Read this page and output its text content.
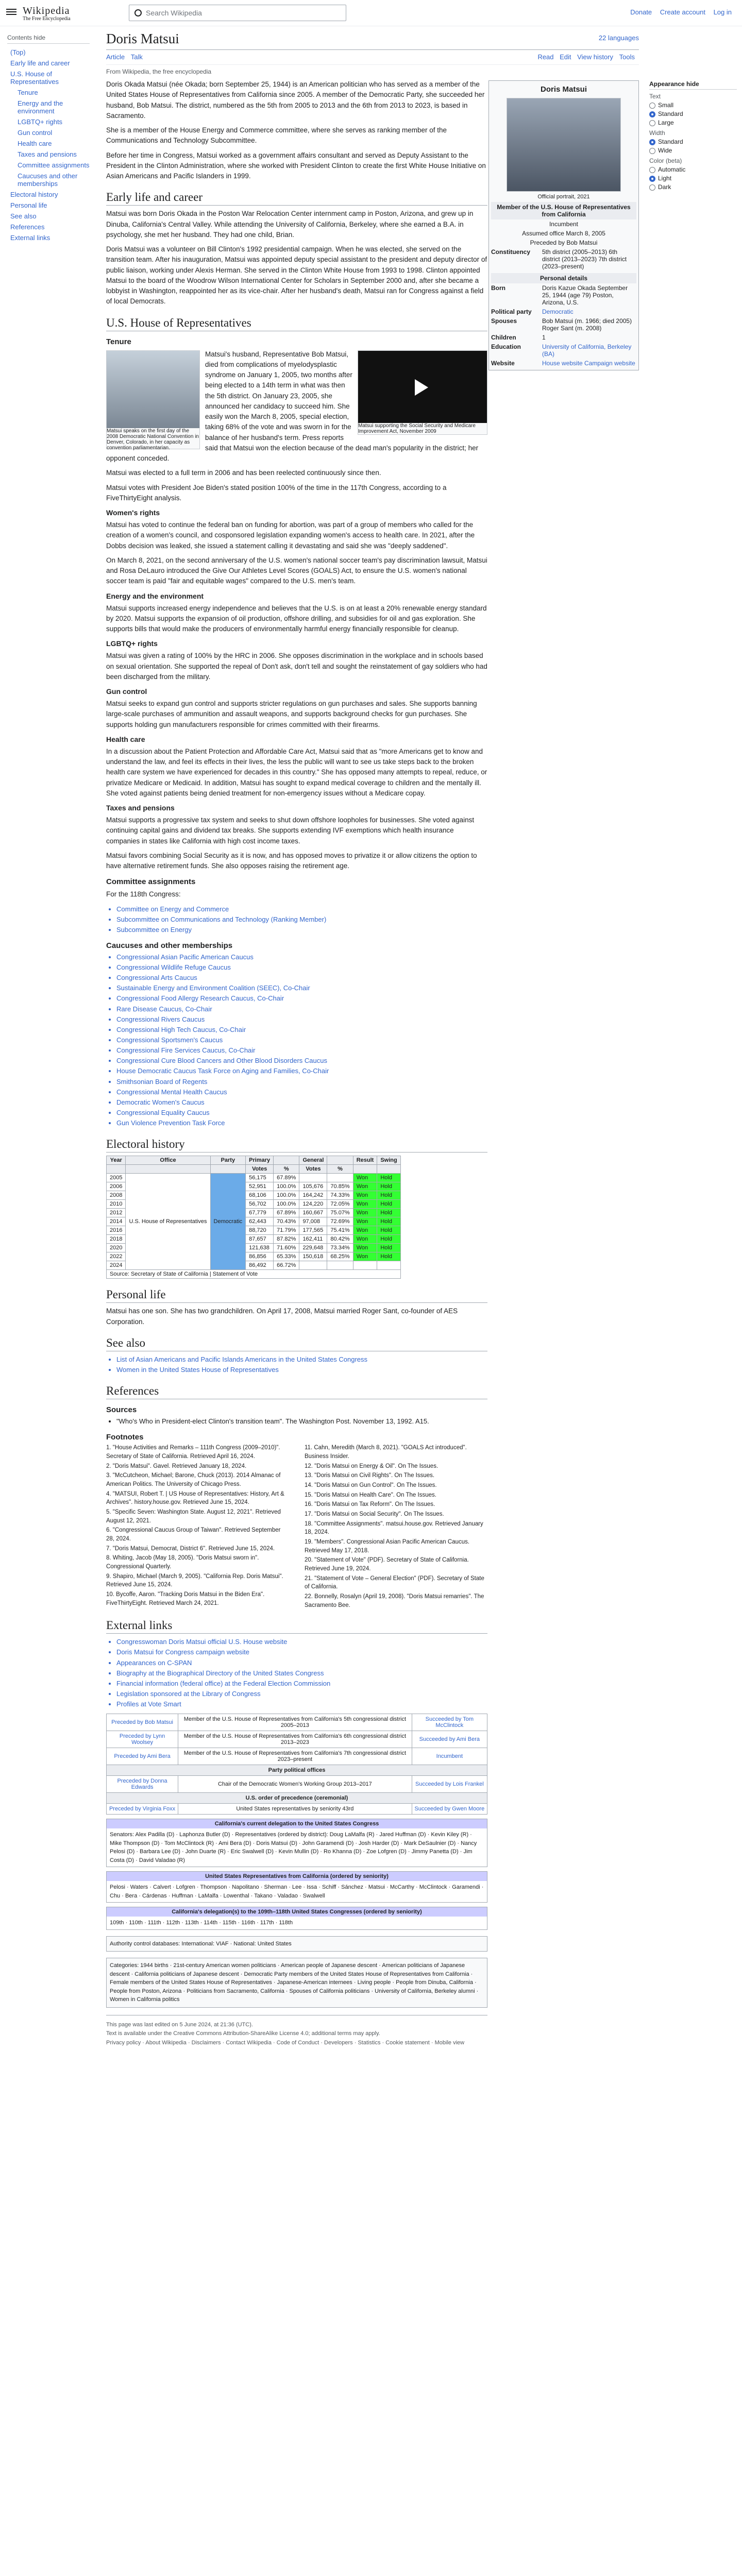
Wikipedia
The Free Encyclopedia
Search Wikipedia	Donate Create account Log in
Contents hide
(Top)
Early life and career
U.S. House of Representatives
Tenure
Energy and the environment
LGBTQ+ rights
Gun control
Health care
Taxes and pensions
Committee assignments
Caucuses and other memberships
Electoral history
Personal life
See also
References
External links
Doris Matsui	22 languages
Article Talk	Read Edit View history Tools
Doris Matsui
Official portrait, 2021
Member of the U.S. House of Representatives from California
Incumbent
Assumed office March 8, 2005
Preceded by Bob Matsui
Constituency	5th district (2005–2013) 6th district (2013–2023) 7th district (2023–present)
Personal details
Born	Doris Kazue Okada September 25, 1944 (age 79) Poston, Arizona, U.S.
Political party	Democratic
Spouses	Bob Matsui (m. 1966; died 2005) Roger Sant (m. 2008)
Children	1
Education	University of California, Berkeley (BA)
Website	House website Campaign website
Appearance hide
Text
Small
Standard
Large
Width
Standard
Wide
Color (beta)
Automatic
Light
Dark
From Wikipedia, the free encyclopedia

Doris Okada Matsui (née Okada; born September 25, 1944) is an American politician who has served as a member of the United States House of Representatives from California since 2005. A member of the Democratic Party, she succeeded her husband, Bob Matsui. The district, numbered as the 5th from 2005 to 2013 and the 6th from 2013 to 2023, is based in Sacramento.

She is a member of the House Energy and Commerce committee, where she serves as ranking member of the Communications and Technology Subcommittee.

Before her time in Congress, Matsui worked as a government affairs consultant and served as Deputy Assistant to the President in the Clinton Administration, where she worked with President Clinton to create the first White House Initiative on Asian Americans and Pacific Islanders in 1999.

Early life and career

Matsui was born Doris Okada in the Poston War Relocation Center internment camp in Poston, Arizona, and grew up in Dinuba, California's Central Valley. While attending the University of California, Berkeley, where she earned a B.A. in psychology, she met her husband. They had one child, Brian.

Doris Matsui was a volunteer on Bill Clinton's 1992 presidential campaign. When he was elected, she served on the transition team. After his inauguration, Matsui was appointed deputy special assistant to the president and deputy director of public liaison, working under Alexis Herman. She served in the Clinton White House from 1993 to 1998. Clinton appointed Matsui to the board of the Woodrow Wilson International Center for Scholars in September 2000 and, after she became a lobbyist in Washington, reappointed her as its vice-chair. After her husband's death, Matsui ran for Congress against a field of local Democrats.

U.S. House of Representatives
Tenure
Matsui speaks on the first day of the 2008 Democratic National Convention in Denver, Colorado, in her capacity as convention parliamentarian.
Matsui supporting the Social Security and Medicare Improvement Act, November 2009

Matsui's husband, Representative Bob Matsui, died from complications of myelodysplastic syndrome on January 1, 2005, two months after being elected to a 14th term in what was then the 5th district. On January 23, 2005, she announced her candidacy to succeed him. She easily won the March 8, 2005, special election, taking 68% of the vote and was sworn in for the balance of her husband's term. Press reports said that Matsui won the election because of the dead man's popularity in the district; her opponent conceded.

Matsui was elected to a full term in 2006 and has been reelected continuously since then.

Matsui votes with President Joe Biden's stated position 100% of the time in the 117th Congress, according to a FiveThirtyEight analysis.

Women's rights

Matsui has voted to continue the federal ban on funding for abortion, was part of a group of members who called for the creation of a women's council, and cosponsored legislation expanding women's access to health care. In 2021, after the Dobbs decision was leaked, she issued a statement calling it devastating and said she was "deeply saddened".

On March 8, 2021, on the second anniversary of the U.S. women's national soccer team's pay discrimination lawsuit, Matsui and Rosa DeLauro introduced the Give Our Athletes Level Scores (GOALS) Act, to ensure the U.S. women's national soccer team is paid "fair and equitable wages" compared to the U.S. men's team.

Energy and the environment

Matsui supports increased energy independence and believes that the U.S. is on at least a 20% renewable energy standard by 2020. Matsui supports the expansion of oil production, offshore drilling, and subsidies for oil and gas exploration. She supports bills that would make the producers of environmentally harmful energy financially responsible for cleanup.

LGBTQ+ rights

Matsui was given a rating of 100% by the HRC in 2006. She opposes discrimination in the workplace and in schools based on sexual orientation. She supported the repeal of Don't ask, don't tell and sought the reinstatement of gay soldiers who had been discharged from the military.

Gun control

Matsui seeks to expand gun control and supports stricter regulations on gun purchases and sales. She supports banning large-scale purchases of ammunition and assault weapons, and supports background checks for gun purchases. She supports holding gun manufacturers responsible for crimes committed with their firearms.

Health care

In a discussion about the Patient Protection and Affordable Care Act, Matsui said that as "more Americans get to know and understand the law, and feel its effects in their lives, the less the public will want to see us take steps back to the broken health care system we have experienced for decades in this country." She has opposed many attempts to repeal, reduce, or privatize Medicare or Medicaid. In addition, Matsui has sought to expand medical coverage to children and the mentally ill. She voted against patients being denied treatment for non-emergency issues without a Medicare copay.

Taxes and pensions

Matsui supports a progressive tax system and seeks to shut down offshore loopholes for businesses. She voted against continuing capital gains and dividend tax breaks. She supports extending IVF exemptions which health insurance companies in states like California with high cost income taxes.

Matsui favors combining Social Security as it is now, and has opposed moves to privatize it or allow citizens the option to have alternative retirement funds. She also opposes raising the retirement age.

Committee assignments

For the 118th Congress:

• Committee on Energy and Commerce
• Subcommittee on Communications and Technology (Ranking Member)
• Subcommittee on Energy
Caucuses and other memberships
• Congressional Asian Pacific American Caucus
• Congressional Wildlife Refuge Caucus
• Congressional Arts Caucus
• Sustainable Energy and Environment Coalition (SEEC), Co-Chair
• Congressional Food Allergy Research Caucus, Co-Chair
• Rare Disease Caucus, Co-Chair
• Congressional Rivers Caucus
• Congressional High Tech Caucus, Co-Chair
• Congressional Sportsmen's Caucus
• Congressional Fire Services Caucus, Co-Chair
• Congressional Cure Blood Cancers and Other Blood Disorders Caucus
• House Democratic Caucus Task Force on Aging and Families, Co-Chair
• Smithsonian Board of Regents
• Congressional Mental Health Caucus
• Democratic Women's Caucus
• Congressional Equality Caucus
• Gun Violence Prevention Task Force
Electoral history
Year	Office	Party	Primary		General		Result	Swing
			Votes	%	Votes	%		
2005	U.S. House of Representatives	Democratic	56,175	67.89%			Won	Hold
2006			52,951	100.0%	105,676	70.85%	Won	Hold
2008			68,106	100.0%	164,242	74.33%	Won	Hold
2010			56,702	100.0%	124,220	72.05%	Won	Hold
2012			67,779	67.89%	160,667	75.07%	Won	Hold
2014			62,443	70.43%	97,008	72.69%	Won	Hold
2016			88,720	71.79%	177,565	75.41%	Won	Hold
2018			87,657	87.82%	162,411	80.42%	Won	Hold
2020			121,638	71.60%	229,648	73.34%	Won	Hold
2022			86,856	65.33%	150,618	68.25%	Won	Hold
2024			86,492	66.72%				
Source: Secretary of State of California | Statement of Vote								
Personal life

Matsui has one son. She has two grandchildren. On April 17, 2008, Matsui married Roger Sant, co-founder of AES Corporation.

See also
• List of Asian Americans and Pacific Islands Americans in the United States Congress
• Women in the United States House of Representatives
References
Sources
• "Who's Who in President-elect Clinton's transition team". The Washington Post. November 13, 1992. A15.
Footnotes
1. "House Activities and Remarks – 111th Congress (2009–2010)". Secretary of State of California. Retrieved April 16, 2024.
2. "Doris Matsui". Gavel. Retrieved January 18, 2024.
3. "McCutcheon, Michael; Barone, Chuck (2013). 2014 Almanac of American Politics. The University of Chicago Press.
4. "MATSUI, Robert T. | US House of Representatives: History, Art & Archives". history.house.gov. Retrieved June 15, 2024.
5. "Specific Seven: Washington State. August 12, 2021". Retrieved August 12, 2021.
6. "Congressional Caucus Group of Taiwan". Retrieved September 28, 2024.
7. "Doris Matsui, Democrat, District 6". Retrieved June 15, 2024.
8. Whiting, Jacob (May 18, 2005). "Doris Matsui sworn in". Congressional Quarterly.
9. Shapiro, Michael (March 9, 2005). "California Rep. Doris Matsui". Retrieved June 15, 2024.
10. Bycoffe, Aaron. "Tracking Doris Matsui in the Biden Era". FiveThirtyEight. Retrieved March 24, 2021.
11. Cahn, Meredith (March 8, 2021). "GOALS Act introduced". Business Insider.
12. "Doris Matsui on Energy & Oil". On The Issues.
13. "Doris Matsui on Civil Rights". On The Issues.
14. "Doris Matsui on Gun Control". On The Issues.
15. "Doris Matsui on Health Care". On The Issues.
16. "Doris Matsui on Tax Reform". On The Issues.
17. "Doris Matsui on Social Security". On The Issues.
18. "Committee Assignments". matsui.house.gov. Retrieved January 18, 2024.
19. "Members". Congressional Asian Pacific American Caucus. Retrieved May 17, 2018.
20. "Statement of Vote" (PDF). Secretary of State of California. Retrieved June 19, 2024.
21. "Statement of Vote – General Election" (PDF). Secretary of State of California.
22. Bonnelly, Rosalyn (April 19, 2008). "Doris Matsui remarries". The Sacramento Bee.
External links
• Congresswoman Doris Matsui official U.S. House website
• Doris Matsui for Congress campaign website
• Appearances on C-SPAN
• Biography at the Biographical Directory of the United States Congress
• Financial information (federal office) at the Federal Election Commission
• Legislation sponsored at the Library of Congress
• Profiles at Vote Smart
Preceded by Bob Matsui	Member of the U.S. House of Representatives from California's 5th congressional district 2005–2013	Succeeded by Tom McClintock
Preceded by Lynn Woolsey	Member of the U.S. House of Representatives from California's 6th congressional district 2013–2023	Succeeded by Ami Bera
Preceded by Ami Bera	Member of the U.S. House of Representatives from California's 7th congressional district 2023–present	Incumbent
Party political offices		
Preceded by Donna Edwards	Chair of the Democratic Women's Working Group 2013–2017	Succeeded by Lois Frankel
U.S. order of precedence (ceremonial)		
Preceded by Virginia Foxx	United States representatives by seniority 43rd	Succeeded by Gwen Moore
California's current delegation to the United States Congress
Senators: Alex Padilla (D) · Laphonza Butler (D) · Representatives (ordered by district): Doug LaMalfa (R) · Jared Huffman (D) · Kevin Kiley (R) · Mike Thompson (D) · Tom McClintock (R) · Ami Bera (D) · Doris Matsui (D) · John Garamendi (D) · Josh Harder (D) · Mark DeSaulnier (D) · Nancy Pelosi (D) · Barbara Lee (D) · John Duarte (R) · Eric Swalwell (D) · Kevin Mullin (D) · Ro Khanna (D) · Zoe Lofgren (D) · Jimmy Panetta (D) · Jim Costa (D) · David Valadao (R)
United States Representatives from California (ordered by seniority)
Pelosi · Waters · Calvert · Lofgren · Thompson · Napolitano · Sherman · Lee · Issa · Schiff · Sánchez · Matsui · McCarthy · McClintock · Garamendi · Chu · Bera · Cárdenas · Huffman · LaMalfa · Lowenthal · Takano · Valadao · Swalwell
California's delegation(s) to the 109th–118th United States Congresses (ordered by seniority)
109th · 110th · 111th · 112th · 113th · 114th · 115th · 116th · 117th · 118th
Authority control databases: International: VIAF · National: United States
Categories: 1944 births · 21st-century American women politicians · American people of Japanese descent · American politicians of Japanese descent · California politicians of Japanese descent · Democratic Party members of the United States House of Representatives from California · Female members of the United States House of Representatives · Japanese-American internees · Living people · People from Dinuba, California · People from Poston, Arizona · Politicians from Sacramento, California · Spouses of California politicians · University of California, Berkeley alumni · Women in California politics
This page was last edited on 5 June 2024, at 21:36 (UTC).
Text is available under the Creative Commons Attribution-ShareAlike License 4.0; additional terms may apply.
Privacy policy · About Wikipedia · Disclaimers · Contact Wikipedia · Code of Conduct · Developers · Statistics · Cookie statement · Mobile view
